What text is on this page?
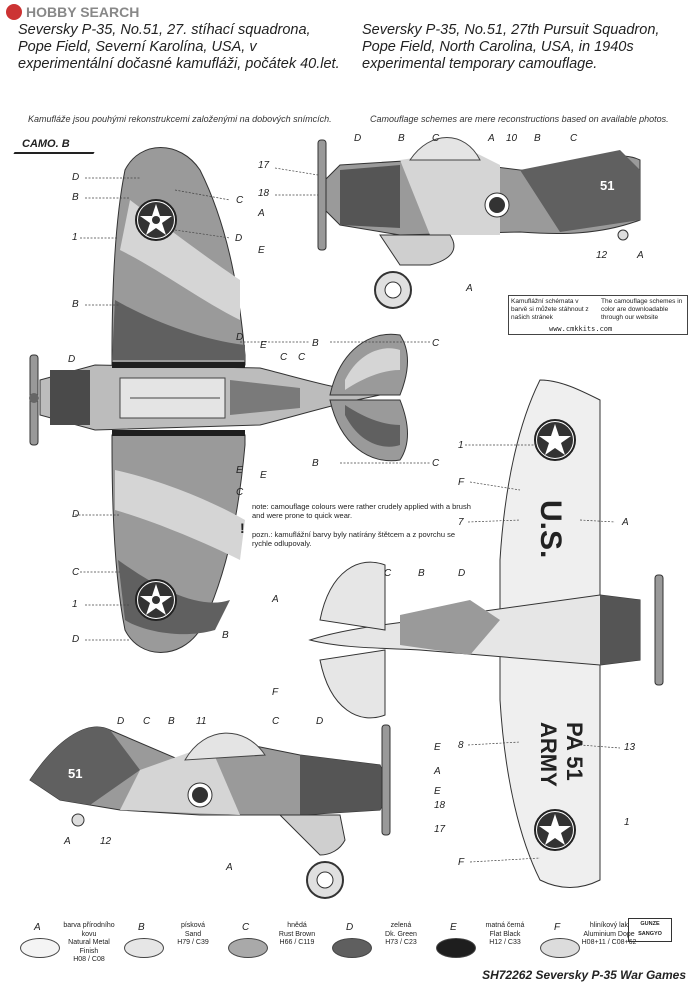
HOBBY SEARCH
Seversky P-35, No.51, 27. stíhací squadrona, Pope Field, Severní Karolína, USA, v experimentální dočasné kamufláži, počátek 40.let.
Seversky P-35, No.51, 27th Pursuit Squadron, Pope Field, North Carolina, USA, in 1940s experimental temporary camouflage.
Kamufláže jsou pouhými rekonstrukcemi založenými na dobových snímcích.	Camouflage schemes are mere reconstructions based on available photos.
CAMO. B
51
51
U.S.
PA 51
ARMY
D
B
1
B
D
E
C
D
C
1
D
C
D
C
E
C
D
B	C
B
E
B
C
17
18
A
E
D	B	C	A 10 B	C
12	A
A
1
F
7	A
C	B	D
A
F
8	13
1
F
D C B 11	C	D
A	12
E
A
E
18
17
A
Kamuflážní schémata v barvě si můžete stáhnout z našich stránek
The camouflage schemes in color are downloadable through our website
www.cmkkits.com
!
note: camouflage colours were rather crudely applied with a brush and were prone to quick wear.
pozn.: kamuflážní barvy byly natírány štětcem a z povrchu se rychle odlupovaly.
A	barva přírodního kovu
Natural Metal Finish
H08 / C08
B	písková
Sand
H79 / C39
C	hnědá
Rust Brown
H66 / C119
D	zelená
Dk. Green
H73 / C23
E	matná černá
Flat Black
H12 / C33
F	hliníkový lak
Aluminium Dope
H08+11 / C08+62
GUNZE SANGYO
SH72262 Seversky P-35 War Games
